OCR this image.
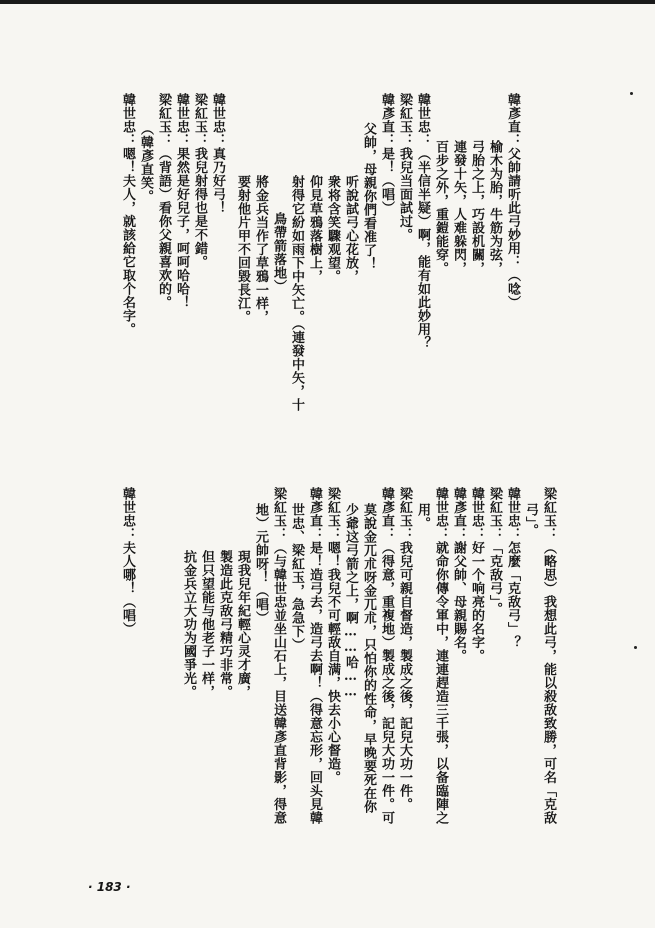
韓彥直：父帥請听此弓妙用：（唸）
榆木为胎，牛筋为弦，
弓胎之上，巧設机關，
連發十矢，人难躲閃，
百步之外，重鎧能穿。
韓世忠：（半信半疑）啊，能有如此妙用？
梁紅玉：我兒当面試过。
韓彥直：是！（唱）
父帥，母親你們看准了！
听說試弓心花放，
衆将含笑驟观望。
仰見草鴉落樹上，
射得它紛如雨下中矢亡。（連發中矢，十
鳥帶箭落地）
將金兵当作了草鴉一样，
要射他片甲不回毀長江。
韓世忠：真乃好弓！
梁紅玉：我兒射得也是不錯。
韓世忠：果然是好兒子，呵呵哈哈！
梁紅玉：（背語）看你父親喜欢的。
（韓彥直笑。
韓世忠：嗯！夫人，就該給它取个名字。
梁紅玉：（略思）我想此弓，能以殺敌致勝，可名「克敌
弓」。
韓世忠：怎麼「克敌弓」？
梁紅玉：「克敌弓」。
韓世忠：好一个响亮的名字。
韓彥直：謝父帥、母親賜名。
韓世忠：就命你傳令軍中，連連趕造三千張，以备臨陣之
用。
梁紅玉：我兒可親自督造，製成之後，記兒大功一件。
韓彥直：（得意，重複地）製成之後，記兒大功一件。可
莫說金兀朮呀金兀朮，只怕你的性命，早晚要死在你
少爺这弓箭之上，啊……哈……
梁紅玉：嗯！我兒不可輕敌自满，快去小心督造。
韓彥直：是！造弓去，造弓去啊！（得意忘形，回头見韓
世忠、梁紅玉，急急下）
梁紅玉：（与韓世忠並坐山石上，目送韓彥直背影，得意
地）元帥呀！（唱）
現我兒年紀輕心灵才廣，
製造此克敌弓精巧非常。
但只望能与他老子一样，
抗金兵立大功为國爭光。
韓世忠：夫人哪！（唱）
· 183 ·
